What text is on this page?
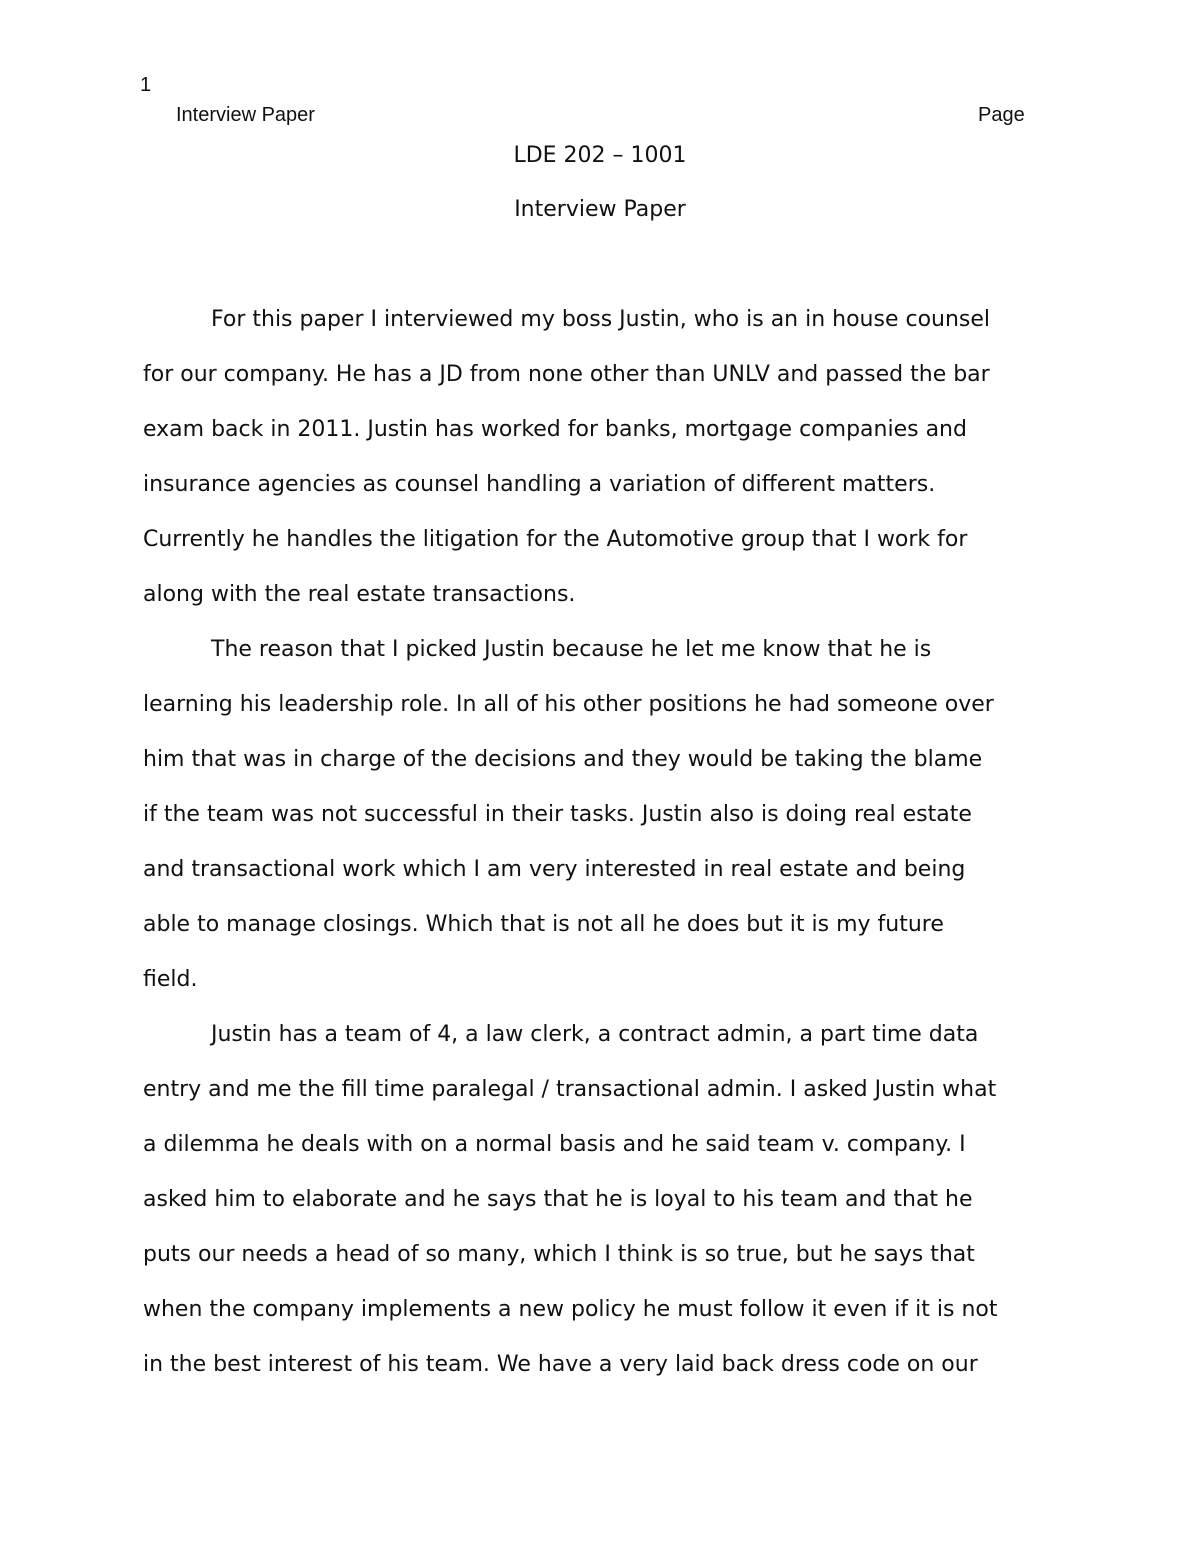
1
Interview Paper	Page
LDE 202 – 1001
Interview Paper
For this paper I interviewed my boss Justin, who is an in house counsel
for our company. He has a JD from none other than UNLV and passed the bar
exam back in 2011. Justin has worked for banks, mortgage companies and
insurance agencies as counsel handling a variation of different matters.
Currently he handles the litigation for the Automotive group that I work for
along with the real estate transactions.
The reason that I picked Justin because he let me know that he is
learning his leadership role. In all of his other positions he had someone over
him that was in charge of the decisions and they would be taking the blame
if the team was not successful in their tasks. Justin also is doing real estate
and transactional work which I am very interested in real estate and being
able to manage closings. Which that is not all he does but it is my future
field.
Justin has a team of 4, a law clerk, a contract admin, a part time data
entry and me the fill time paralegal / transactional admin. I asked Justin what
a dilemma he deals with on a normal basis and he said team v. company. I
asked him to elaborate and he says that he is loyal to his team and that he
puts our needs a head of so many, which I think is so true, but he says that
when the company implements a new policy he must follow it even if it is not
in the best interest of his team. We have a very laid back dress code on our
